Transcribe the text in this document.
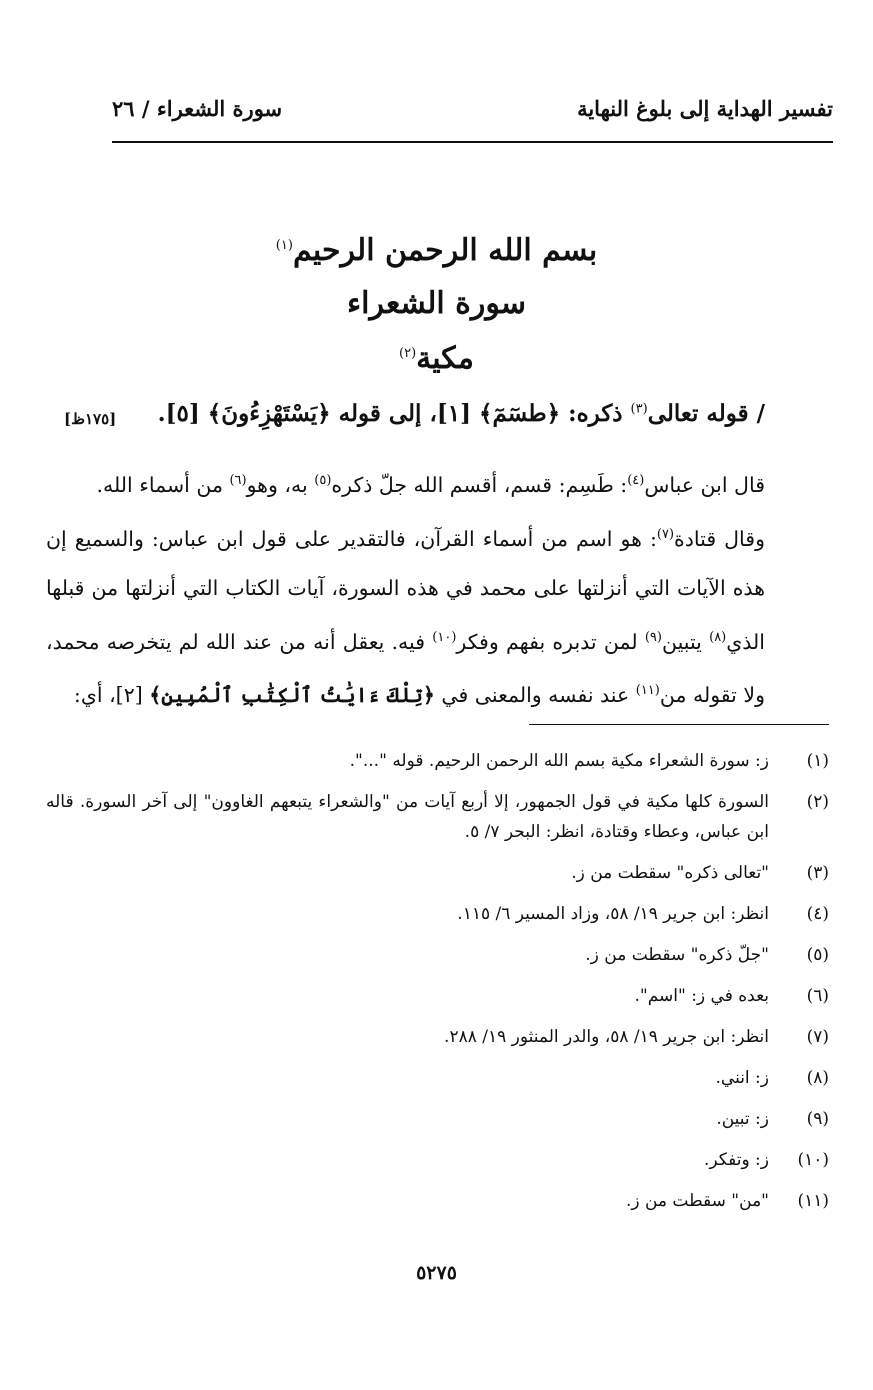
تفسير الهداية إلى بلوغ النهاية
سورة الشعراء / ٢٦
بسم الله الرحمن الرحيم$^{(١)}$
سورة الشعراء
مكية$^{(٢)}$
/قوله تعالى$^{(٣)}$ ذكره: ﴿طسٓمٓ﴾ [١]، إلى قوله ﴿يَسْتَهْزِءُونَ﴾ [٥].
[١٧٥ظ]

قال ابن عباس$^{(٤)}$: طَسِم: قسم، أقسم الله جلّ ذكره$^{(٥)}$ به، وهو$^{(٦)}$ من أسماء الله.

وقال قتادة$^{(٧)}$: هو اسم من أسماء القرآن، فالتقدير على قول ابن عباس: والسميع إن هذه الآيات التي أنزلتها على محمد في هذه السورة، آيات الكتاب التي أنزلتها من قبلها الذي$^{(٨)}$ يتبين$^{(٩)}$ لمن تدبره بفهم وفكر$^{(١٠)}$ فيه. يعقل أنه من عند الله لم يتخرصه محمد، ولا تقوله من$^{(١١)}$ عند نفسه والمعنى في ﴿تِلْكَ ءَايَٰتُ ٱلْكِتَٰبِ ٱلْمُبِينِ﴾ [٢]، أي:

(١)
ز: سورة الشعراء مكية بسم الله الرحمن الرحيم. قوله "...".
(٢)
السورة كلها مكية في قول الجمهور، إلا أربع آيات من "والشعراء يتبعهم الغاوون" إلى آخر السورة. قاله ابن عباس، وعطاء وقتادة، انظر: البحر ٧/ ٥.
(٣)
"تعالى ذكره" سقطت من ز.
(٤)
انظر: ابن جرير ١٩/ ٥٨، وزاد المسير ٦/ ١١٥.
(٥)
"جلّ ذكره" سقطت من ز.
(٦)
بعده في ز: "اسم".
(٧)
انظر: ابن جرير ١٩/ ٥٨، والدر المنثور ١٩/ ٢٨٨.
(٨)
ز: انني.
(٩)
ز: تبين.
(١٠)
ز: وتفكر.
(١١)
"من" سقطت من ز.
٥٢٧٥
